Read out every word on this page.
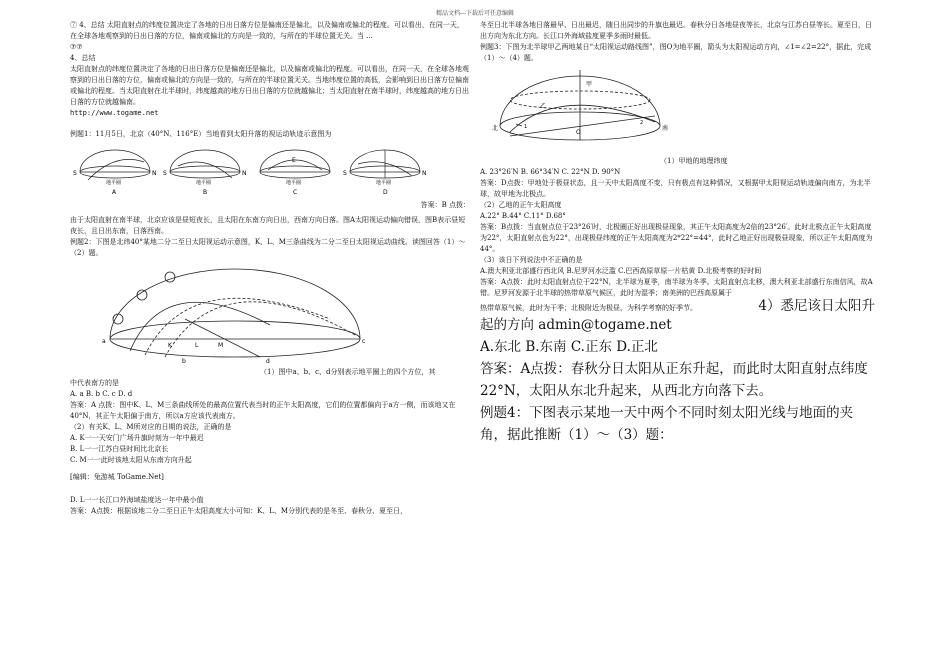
精品文档---下载后可任意编辑

⑦ 4、总结 太阳直射点的纬度位置决定了各地的日出日落方位是偏南还是偏北，以及偏南或偏北的程度。可以看出，在同一天，在全球各地观察到的日出日落的方位，偏南或偏北的方向是一致的，与所在的半球位置无关。当 ...

⑦⑦

4、总结

太阳直射点的纬度位置决定了各地的日出日落方位是偏南还是偏北，以及偏南或偏北的程度。可以看出，在同一天，在全球各地观察到的日出日落的方位，偏南或偏北的方向是一致的，与所在的半球位置无关。当地纬度位置的高低，会影响到日出日落方位偏南或偏北的程度。当太阳直射在北半球时，纬度越高的地方日出日落的方位就越偏北；当太阳直射在南半球时，纬度越高的地方日出日落的方位就越偏南。

http://www.togame.net

例题1：11月5日，北京（40°N、116°E）当地看到太阳升落的视运动轨迹示意图为

S	N
A
地平圈
S	N
B
地平圈
E
C
地平圈
S	N
D
地平圈

答案：B 点拨：

由于太阳直射在南半球，北京应该是昼短夜长，且太阳在东南方向日出，西南方向日落。图A太阳视运动偏向错误，图B表示昼短夜长，且日出东南，日落西南。

例题2：下图是北纬40°某地二分二至日太阳视运动示意图，K、L、M三条曲线为二分二至日太阳视运动曲线。读图回答（1）～（2）题。

a
b
c
d
K	L	M

（1）图中a、b、c、d分别表示地平圈上的四个方位，其

中代表南方的是

A. a B. b C. c D. d

答案：A 点拨：图中K、L、M三条曲线所处的最高位置代表当时的正午太阳高度，它们的位置都偏向于a方一侧，而该地又在40°N，其正午太阳偏于南方，所以a方应该代表南方。

（2）有关K、L、M所对应的日期的说法，正确的是

A. K一一天安门广场升旗时刻为一年中最迟

B. L一一江苏白昼时间比北京长

C. M一一此时该地太阳从东南方向升起

[编辑：兔游城 ToGame.Net]

D. L一一长江口外海域盐度达一年中最小值

答案：A点拨：根据该地二分二至日正午太阳高度大小可知：K、L、M分别代表的是冬至、春秋分、夏至日，

冬至日北半球各地日落最早、日出最迟，随日出同步的升旗也最迟。春秋分日各地昼夜等长，北京与江苏白昼等长。夏至日，日出方向为东北方向。长江口外海域盐度夏季多雨时最低。

例题3：下图为北半球甲乙两地某日“太阳视运动路线图”，图O为地平圈，箭头为太阳视运动方向，∠1=∠2=22°，据此，完成（1）～（4）题。

甲
乙
O
北	南
1
2

（1）甲地的地理纬度

A. 23°26′N B. 66°34′N C. 22°N D. 90°N

答案：D点拨：甲地处于极昼状态，且一天中太阳高度不变，只有极点有这种情况，又根据甲太阳视运动轨迹偏向南方，为北半球，故甲地为北极点。

（2）乙地的正午太阳高度

A.22° B.44° C.11° D.68°

答案：B点拨：当直射点位于23°26′时，北极圈正好出现极昼现象，其正午太阳高度为2倍的23°26′。此时北极点正午太阳高度为22°，太阳直射点也为22°，出现极昼纬度的正午太阳高度为2*22°=44°，此时乙地正好出现极昼现象，所以正午太阳高度为44°。

（3）该日下列说法中不正确的是

A.澳大利亚北部盛行西北风 B.尼罗河水泛滥 C.巴西高原草原一片枯黄 D.北极考察的好时间

答案：A点拨：此时太阳直射点位于22°N，北半球为夏季，南半球为冬季。太阳直射点北移，澳大利亚北部盛行东南信风，故A错。尼罗河发源于北半球的热带草原气候区，此时为湿季；南美洲的巴西高原属于

热带草原气候，此时为干季；北极附近为极昼，为科学考察的好季节。	4）悉尼该日太阳升

起的方向 admin@togame.net

A.东北 B.东南 C.正东 D.正北

答案：A点拨：春秋分日太阳从正东升起，而此时太阳直射点纬度22°N，太阳从东北升起来，从西北方向落下去。

例题4：下图表示某地一天中两个不同时刻太阳光线与地面的夹角，据此推断（1）～（3）题：
